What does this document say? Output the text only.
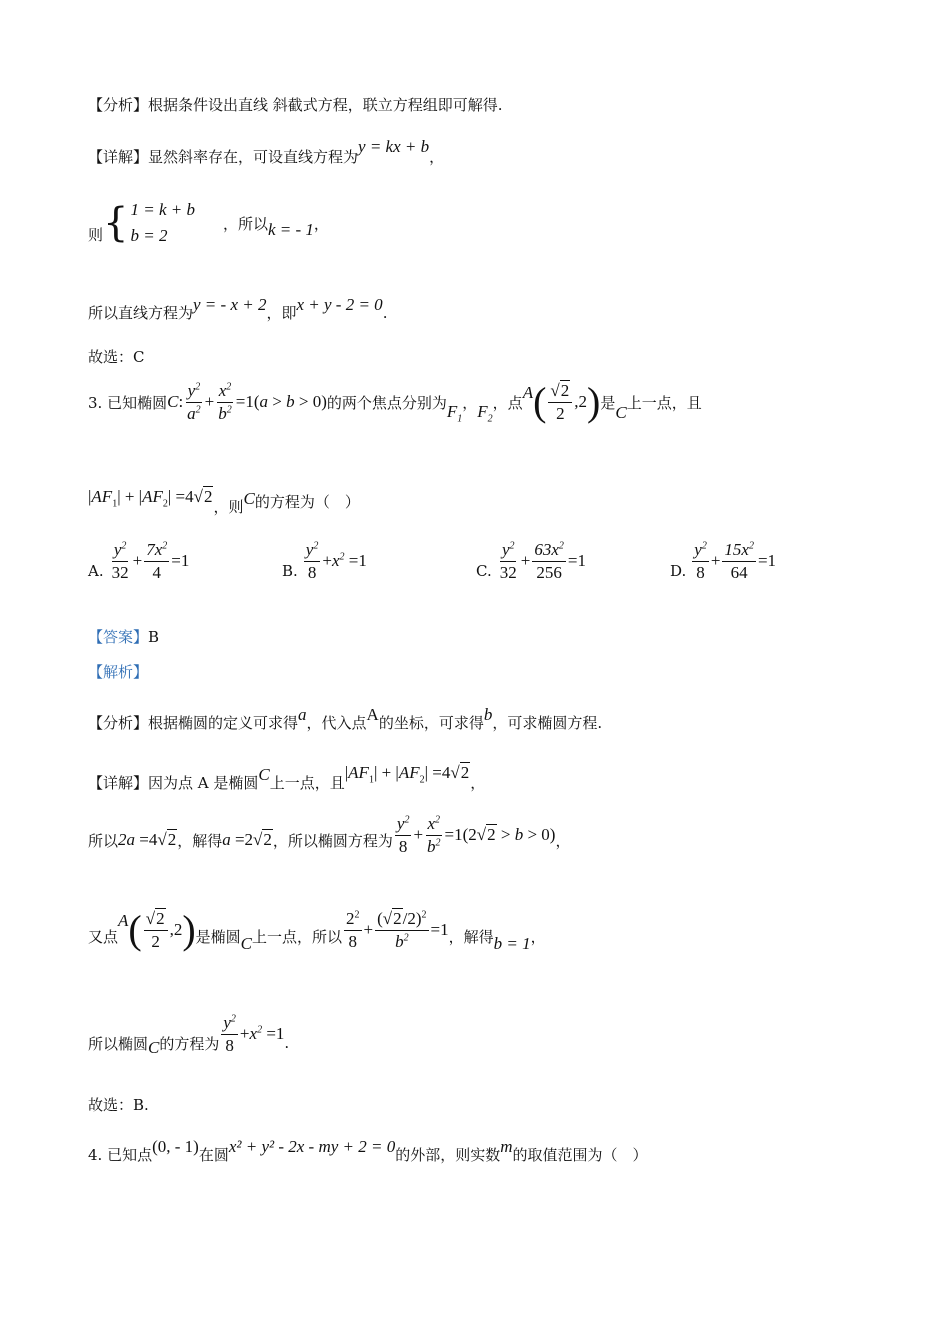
【分析】 根据条件设出直线 斜截式方程，联立方程组即可解得.
【详解】 显然斜率存在，可设直线方程为
y = kx + b
，
则 { 1 = k + b
b = 2
，所以 k = - 1 ，
所以直线方程为 y = - x + 2 ，即 x + y - 2 = 0 .
故选：C
3. 已知椭圆 C : $\frac{y^2}{a^2} + \frac{x^2}{b^2} =1(a > b > 0)$ 的两个焦点分别为 $F_1$
， $F_2$
，点
A ( $\frac{√2}{2} ,2$ ) 是
C
上一点，且
$|AF_1| + |AF_2| =4√2$
，则 C 的方程为（　）
A. $\frac{y^2}{32} + \frac{7x^2}{4} =1$
B. $\frac{y^2}{8} + x^2 =1$
C. $\frac{y^2}{32} + \frac{63x^2}{256} =1$
D. $\frac{y^2}{8} + \frac{15x^2}{64} =1$
【答案】 B
【解析】
【分析】 根据椭圆的定义可求得 a ，代入点 A 的坐标，可求得 b ，可求椭圆方程.
【详解】 因为点 A 是椭圆 C 上一点，且
$|AF_1| + |AF_2| =4√2$
，
所以 2a =4√2 ，解得 a =2√2 ，所以椭圆方程为 $\frac{y^2}{8} + \frac{x^2}{b^2} =1(2√2 > b > 0)$ ，
又点
A ( $\frac{√2}{2} ,2$ ) 是椭圆 C 上一点，所以 $\frac{2^2}{8} + \frac{(√2/2)^2}{b^2} =1$ ，解得 b = 1 ，
所以椭圆 C 的方程为 $\frac{y^2}{8} + x^2 =1$ .
故选：B.
4. 已知点 (0, - 1) 在圆 x² + y² - 2x - my + 2 = 0 的外部，则实数 m 的取值范围为（　）
